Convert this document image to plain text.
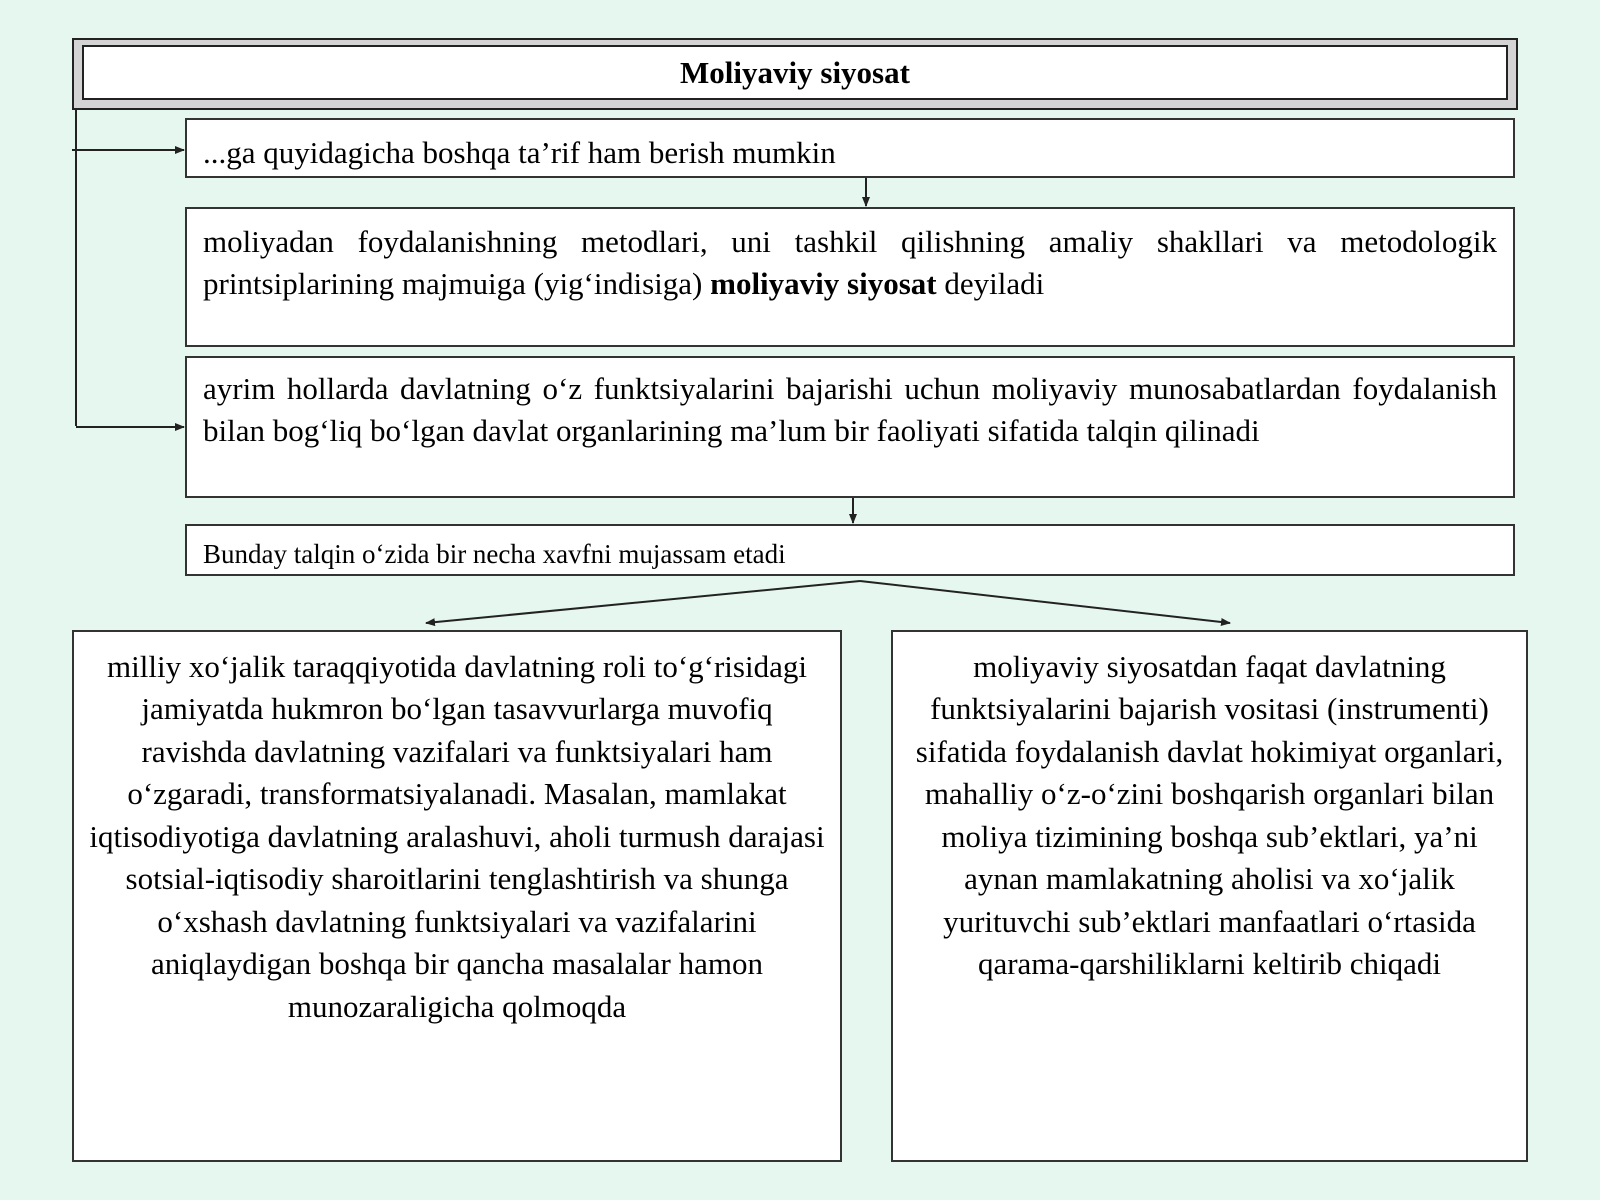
Moliyaviy siyosat
...ga quyidagicha boshqa ta’rif ham berish mumkin
moliyadan foydalanishning metodlari, uni tashkil qilishning amaliy shakllari va metodologik printsiplarining majmuiga (yig‘indisiga) moliyaviy siyosat deyiladi
ayrim hollarda davlatning o‘z funktsiyalarini bajarishi uchun moliyaviy munosabatlardan foydalanish bilan bog‘liq bo‘lgan davlat organlarining ma’lum bir faoliyati sifatida talqin qilinadi
Bunday talqin o‘zida bir necha xavfni mujassam etadi
milliy xo‘jalik taraqqiyotida davlatning roli to‘g‘risidagi jamiyatda hukmron bo‘lgan tasavvurlarga muvofiq ravishda davlatning vazifalari va funktsiyalari ham o‘zgaradi, transformatsiyalanadi. Masalan, mamlakat iqtisodiyotiga davlatning aralashuvi, aholi turmush darajasi sotsial-iqtisodiy sharoitlarini tenglashtirish va shunga o‘xshash davlatning funktsiyalari va vazifalarini aniqlaydigan boshqa bir qancha masalalar hamon munozaraligicha qolmoqda
moliyaviy siyosatdan faqat davlatning funktsiyalarini bajarish vositasi (instrumenti) sifatida foydalanish davlat hokimiyat organlari, mahalliy o‘z-o‘zini boshqarish organlari bilan moliya tizimining boshqa sub’ektlari, ya’ni aynan mamlakatning aholisi va xo‘jalik yurituvchi sub’ektlari manfaatlari o‘rtasida qarama-qarshiliklarni keltirib chiqadi
